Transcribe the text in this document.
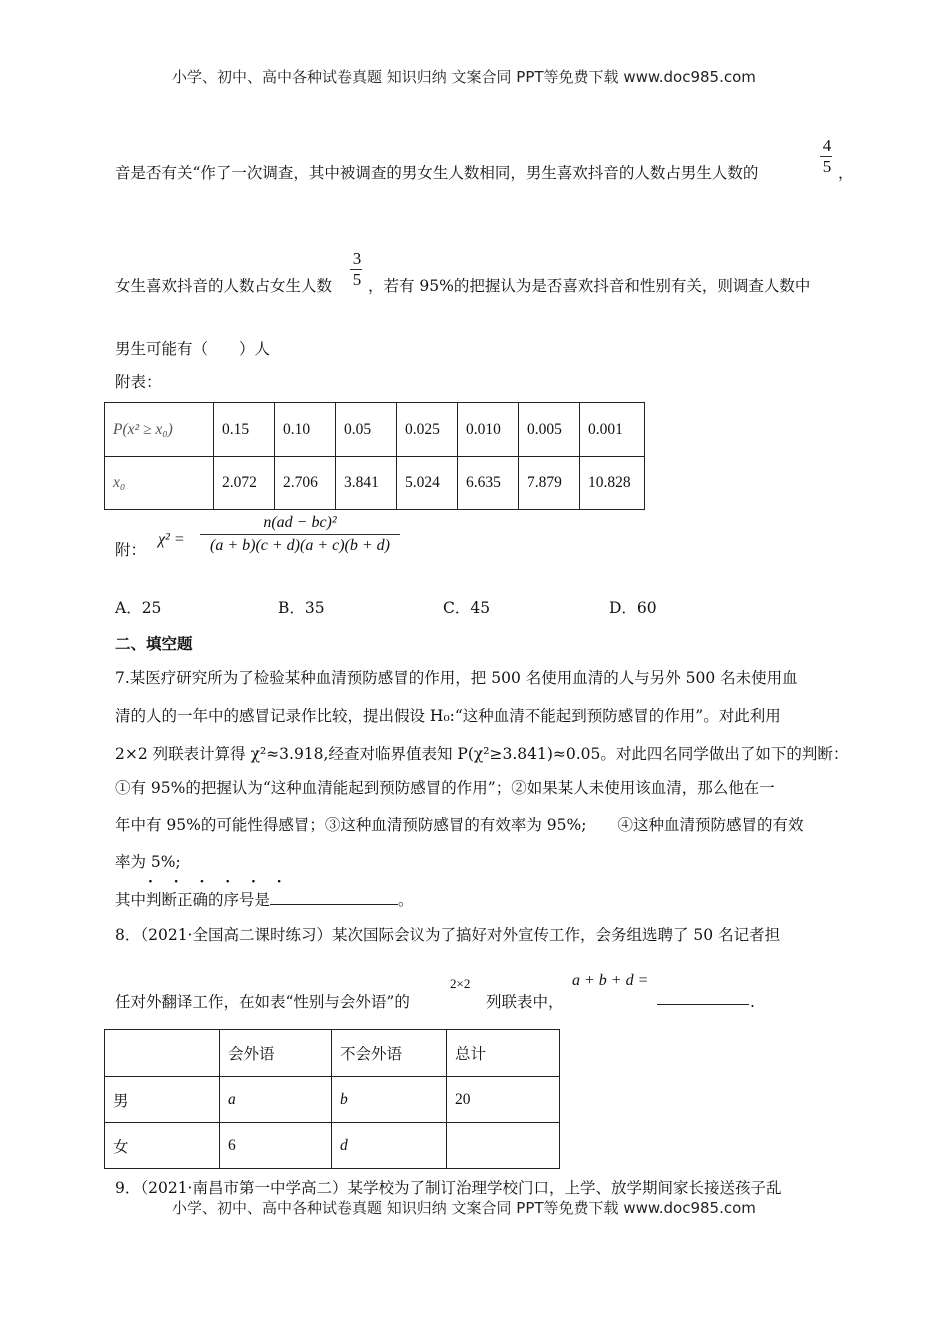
小学、初中、高中各种试卷真题 知识归纳 文案合同 PPT等免费下载 www.doc985.com
音是否有关“作了一次调查，其中被调查的男女生人数相同，男生喜欢抖音的人数占男生人数的
4
5 ，
女生喜欢抖音的人数占女生人数
3
5 ，若有 95%的把握认为是否喜欢抖音和性别有关，则调查人数中
男生可能有（　　）人
附表：
P(x² ≥ x₀)	0.15	0.10	0.05	0.025	0.010	0.005	0.001
x₀	2.072	2.706	3.841	5.024	6.635	7.879	10.828
附：
χ² =
n(ad − bc)²
(a + b)(c + d)(a + c)(b + d)
A．25	B．35	C．45	D．60
二、填空题
7.某医疗研究所为了检验某种血清预防感冒的作用，把 500 名使用血清的人与另外 500 名未使用血
清的人的一年中的感冒记录作比较，提出假设 H₀:“这种血清不能起到预防感冒的作用”。对此利用
2×2 列联表计算得 χ²≈3.918,经查对临界值表知 P(χ²≥3.841)≈0.05。对此四名同学做出了如下的判断：
①有 95%的把握认为“这种血清能起到预防感冒的作用”；②如果某人未使用该血清，那么他在一
年中有 95%的可能性得感冒；③这种血清预防感冒的有效率为 95%;　　④这种血清预防感冒的有效
率为 5%;
· · · · · ·
其中判断正确的序号是	。
8．（2021·全国高二课时练习）某次国际会议为了搞好对外宣传工作，会务组选聘了 50 名记者担
任对外翻译工作，在如表“性别与会外语”的
2×2
列联表中，
a + b + d =
.
	会外语	不会外语	总计
男	a	b	20
女	6	d	
9．（2021·南昌市第一中学高二）某学校为了制订治理学校门口，上学、放学期间家长接送孩子乱
小学、初中、高中各种试卷真题 知识归纳 文案合同 PPT等免费下载 www.doc985.com
